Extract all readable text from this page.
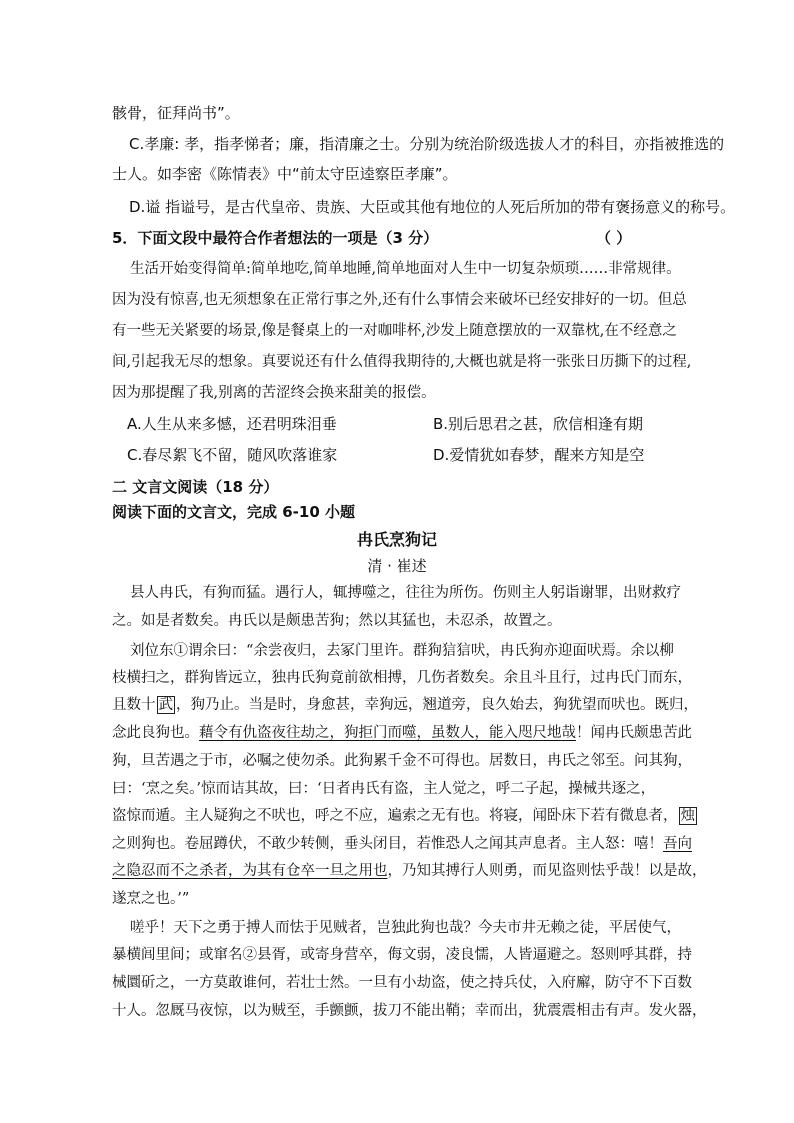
骸骨，征拜尚书”。
C.孝廉: 孝，指孝悌者；廉，指清廉之士。分别为统治阶级选拔人才的科目，亦指被推选的
士人。如李密《陈情表》中“前太守臣逵察臣孝廉”。
D.谥 指谥号，是古代皇帝、贵族、大臣或其他有地位的人死后所加的带有褒扬意义的称号。
5．下面文段中最符合作者想法的一项是（3 分）	（ ）
生活开始变得简单:简单地吃,简单地睡,简单地面对人生中一切复杂烦琐……非常规律。
因为没有惊喜,也无须想象在正常行事之外,还有什么事情会来破坏已经安排好的一切。但总
有一些无关紧要的场景,像是餐桌上的一对咖啡杯,沙发上随意摆放的一双靠枕,在不经意之
间,引起我无尽的想象。真要说还有什么值得我期待的,大概也就是将一张张日历撕下的过程,
因为那提醒了我,别离的苦涩终会换来甜美的报偿。
A.人生从来多憾，还君明珠泪垂	B.别后思君之甚，欣信相逢有期
C.春尽絮飞不留，随风吹落谁家	D.爱情犹如春梦，醒来方知是空
二 文言文阅读（18 分）
阅读下面的文言文，完成 6-10 小题
冉氏烹狗记
清 · 崔述
县人冉氏，有狗而猛。遇行人，辄搏噬之，往往为所伤。伤则主人躬诣谢罪，出财救疗
之。如是者数矣。冉氏以是颇患苦狗；然以其猛也，未忍杀，故置之。
刘位东①谓余曰：“余尝夜归，去冢门里许。群狗狺狺吠，冉氏狗亦迎面吠焉。余以柳
枝横扫之，群狗皆远立，独冉氏狗竟前欲相搏，几伤者数矣。余且斗且行，过冉氏门而东，
且数十 武 ，狗乃止。当是时，身愈甚，幸狗远，翘道旁，良久始去，狗犹望而吠也。既归，
念此良狗也。藉令有仇盗夜往劫之，狗拒门而噬，虽数人，能入咫尺地哉！闻冉氏颇患苦此
狗，旦苦遇之于市，必嘱之使勿杀。此狗累千金不可得也。居数日，冉氏之邻至。问其狗，
曰：‘烹之矣。’惊而诘其故，曰：‘日者冉氏有盗，主人觉之，呼二子起，操械共逐之，
盗惊而遁。主人疑狗之不吠也，呼之不应，遍索之无有也。将寝，闻卧床下若有微息者， 烛
之则狗也。卷屈蹲伏，不敢少转侧，垂头闭目，若惟恐人之闻其声息者。主人怒：嘻！吾向
之隐忍而不之杀者，为其有仓卒一旦之用也，乃知其搏行人则勇，而见盗则怯乎哉！以是故，
遂烹之也。’”
嗟乎！天下之勇于搏人而怯于见贼者，岂独此狗也哉？今夫市井无赖之徒，平居使气，
暴横闾里间；或窜名②县胥，或寄身营卒，侮文弱，凌良懦，人皆逼避之。怒则呼其群，持
械圜斫之，一方莫敢谁何，若壮士然。一旦有小劫盗，使之持兵仗，入府廨，防守不下百数
十人。忽厩马夜惊，以为贼至，手颤颤，拔刀不能出鞘；幸而出，犹震震相击有声。发火器，
